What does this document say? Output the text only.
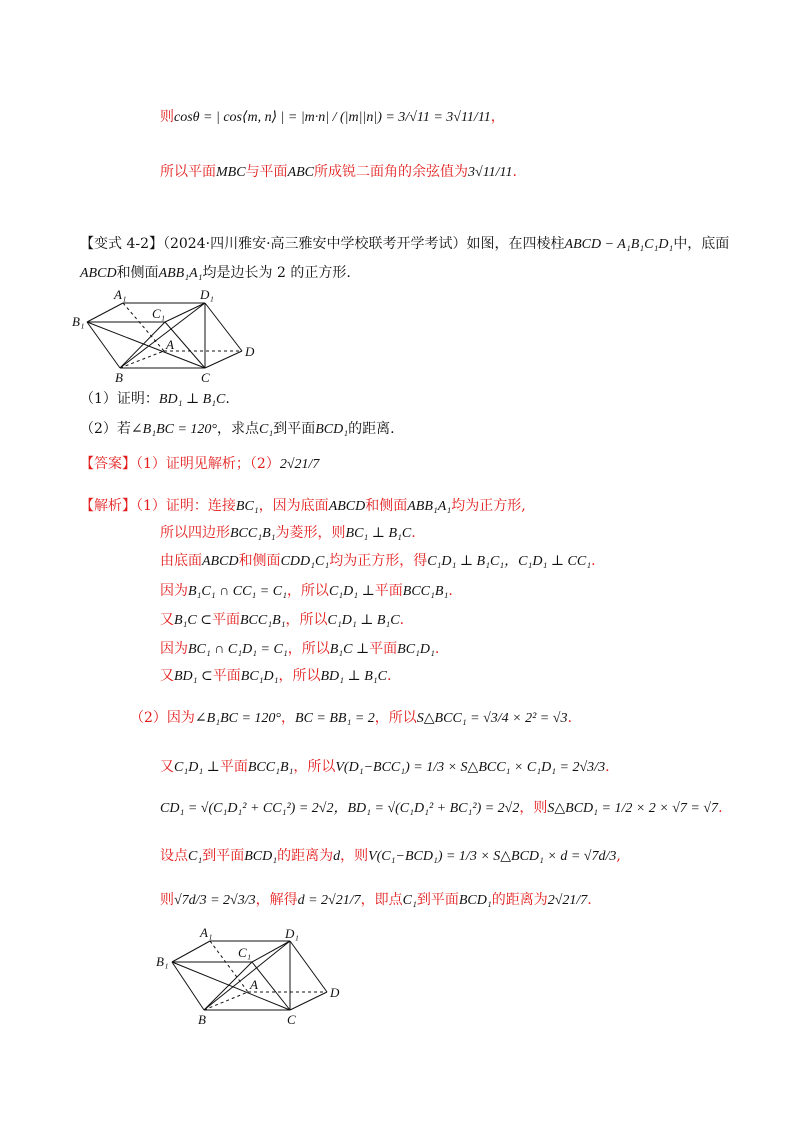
则cosθ = | cos⟨m, n⟩ | = |m·n| / (|m||n|) = 3/√11 = 3√11/11，
所以平面MBC与平面ABC所成锐二面角的余弦值为3√11/11.
【变式 4-2】（2024·四川雅安·高三雅安中学校联考开学考试）如图，在四棱柱ABCD − A₁B₁C₁D₁中，底面
ABCD和侧面ABB₁A₁均是边长为 2 的正方形.
（1）证明：BD₁ ⊥ B₁C.
（2）若∠B₁BC = 120°，求点C₁到平面BCD₁的距离.
【答案】（1）证明见解析；（2）2√21/7
【解析】（1）证明：连接BC₁，因为底面ABCD和侧面ABB₁A₁均为正方形,
所以四边形BCC₁B₁为菱形，则BC₁ ⊥ B₁C.
由底面ABCD和侧面CDD₁C₁均为正方形，得C₁D₁ ⊥ B₁C₁，C₁D₁ ⊥ CC₁.
因为B₁C₁ ∩ CC₁ = C₁，所以C₁D₁ ⊥平面BCC₁B₁.
又B₁C ⊂平面BCC₁B₁，所以C₁D₁ ⊥ B₁C.
因为BC₁ ∩ C₁D₁ = C₁，所以B₁C ⊥平面BC₁D₁.
又BD₁ ⊂平面BC₁D₁，所以BD₁ ⊥ B₁C.
（2）因为∠B₁BC = 120°，BC = BB₁ = 2，所以S△BCC₁ = √3/4 × 2² = √3.
又C₁D₁ ⊥平面BCC₁B₁，所以V(D₁−BCC₁) = 1/3 × S△BCC₁ × C₁D₁ = 2√3/3.
CD₁ = √(C₁D₁² + CC₁²) = 2√2，BD₁ = √(C₁D₁² + BC₁²) = 2√2，则S△BCD₁ = 1/2 × 2 × √7 = √7.
设点C₁到平面BCD₁的距离为d，则V(C₁−BCD₁) = 1/3 × S△BCD₁ × d = √7d/3,
则√7d/3 = 2√3/3，解得d = 2√21/7，即点C₁到平面BCD₁的距离为2√21/7.
A₁	D₁
C₁
B₁
A	D
B	C
A₁	D₁
C₁
B₁
A
D
B	C
